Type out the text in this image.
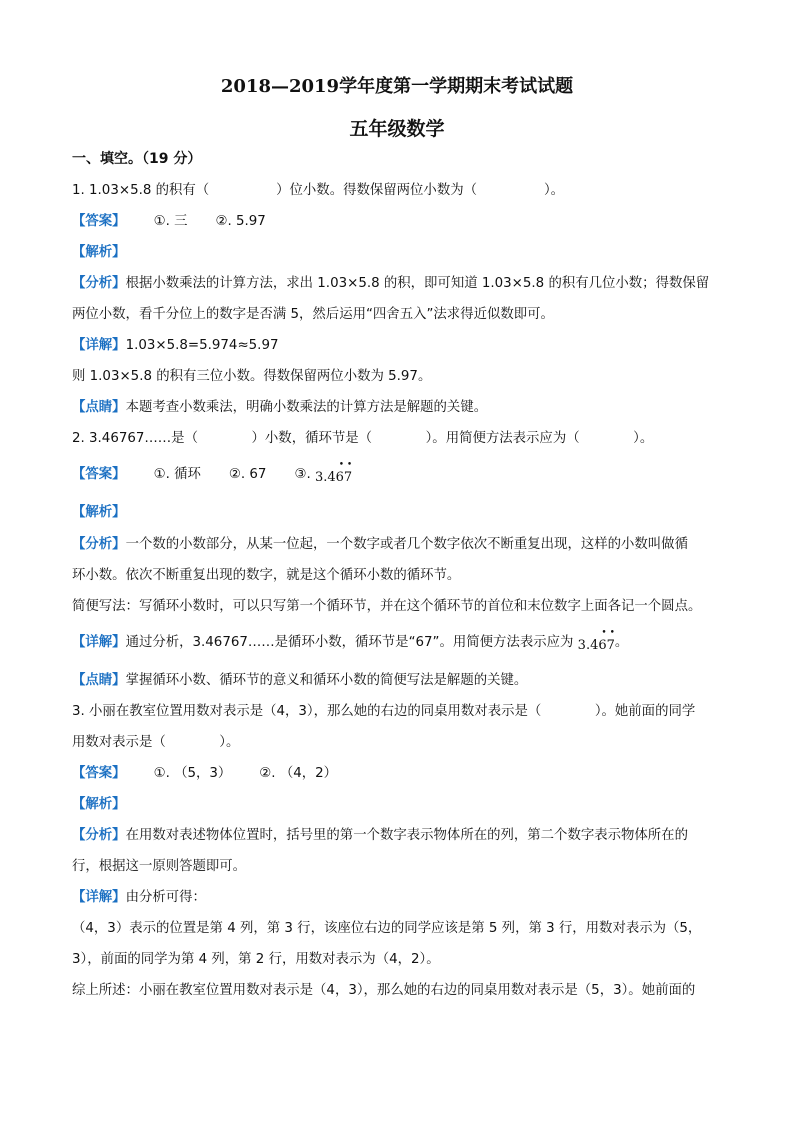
2018—2019学年度第一学期期末考试试题
五年级数学
一、填空。（19 分）
1. 1.03×5.8 的积有（　　　　　）位小数。得数保留两位小数为（　　　　　）。
【答案】 ①. 三 ②. 5.97
【解析】
【分析】根据小数乘法的计算方法，求出 1.03×5.8 的积，即可知道 1.03×5.8 的积有几位小数；得数保留
两位小数，看千分位上的数字是否满 5，然后运用“四舍五入”法求得近似数即可。
【详解】1.03×5.8=5.974≈5.97
则 1.03×5.8 的积有三位小数。得数保留两位小数为 5.97。
【点睛】本题考查小数乘法，明确小数乘法的计算方法是解题的关键。
2. 3.46767……是（　　　　）小数，循环节是（　　　　）。用简便方法表示应为（　　　　）。
【答案】 ①. 循环 ②. 67 ③.
• •
3.467
【解析】
【分析】一个数的小数部分，从某一位起，一个数字或者几个数字依次不断重复出现，这样的小数叫做循
环小数。依次不断重复出现的数字，就是这个循环小数的循环节。
简便写法：写循环小数时，可以只写第一个循环节，并在这个循环节的首位和末位数字上面各记一个圆点。
【详解】通过分析，3.46767……是循环小数，循环节是“67”。用简便方法表示应为
• •
3.467。
【点睛】掌握循环小数、循环节的意义和循环小数的简便写法是解题的关键。
3. 小丽在教室位置用数对表示是（4，3），那么她的右边的同桌用数对表示是（　　　　）。她前面的同学
用数对表示是（　　　　）。
【答案】 ①. （5，3） ②. （4，2）
【解析】
【分析】在用数对表述物体位置时，括号里的第一个数字表示物体所在的列，第二个数字表示物体所在的
行，根据这一原则答题即可。
【详解】由分析可得：
（4，3）表示的位置是第 4 列，第 3 行，该座位右边的同学应该是第 5 列，第 3 行，用数对表示为（5，
3），前面的同学为第 4 列，第 2 行，用数对表示为（4，2）。
综上所述：小丽在教室位置用数对表示是（4，3），那么她的右边的同桌用数对表示是（5，3）。她前面的
